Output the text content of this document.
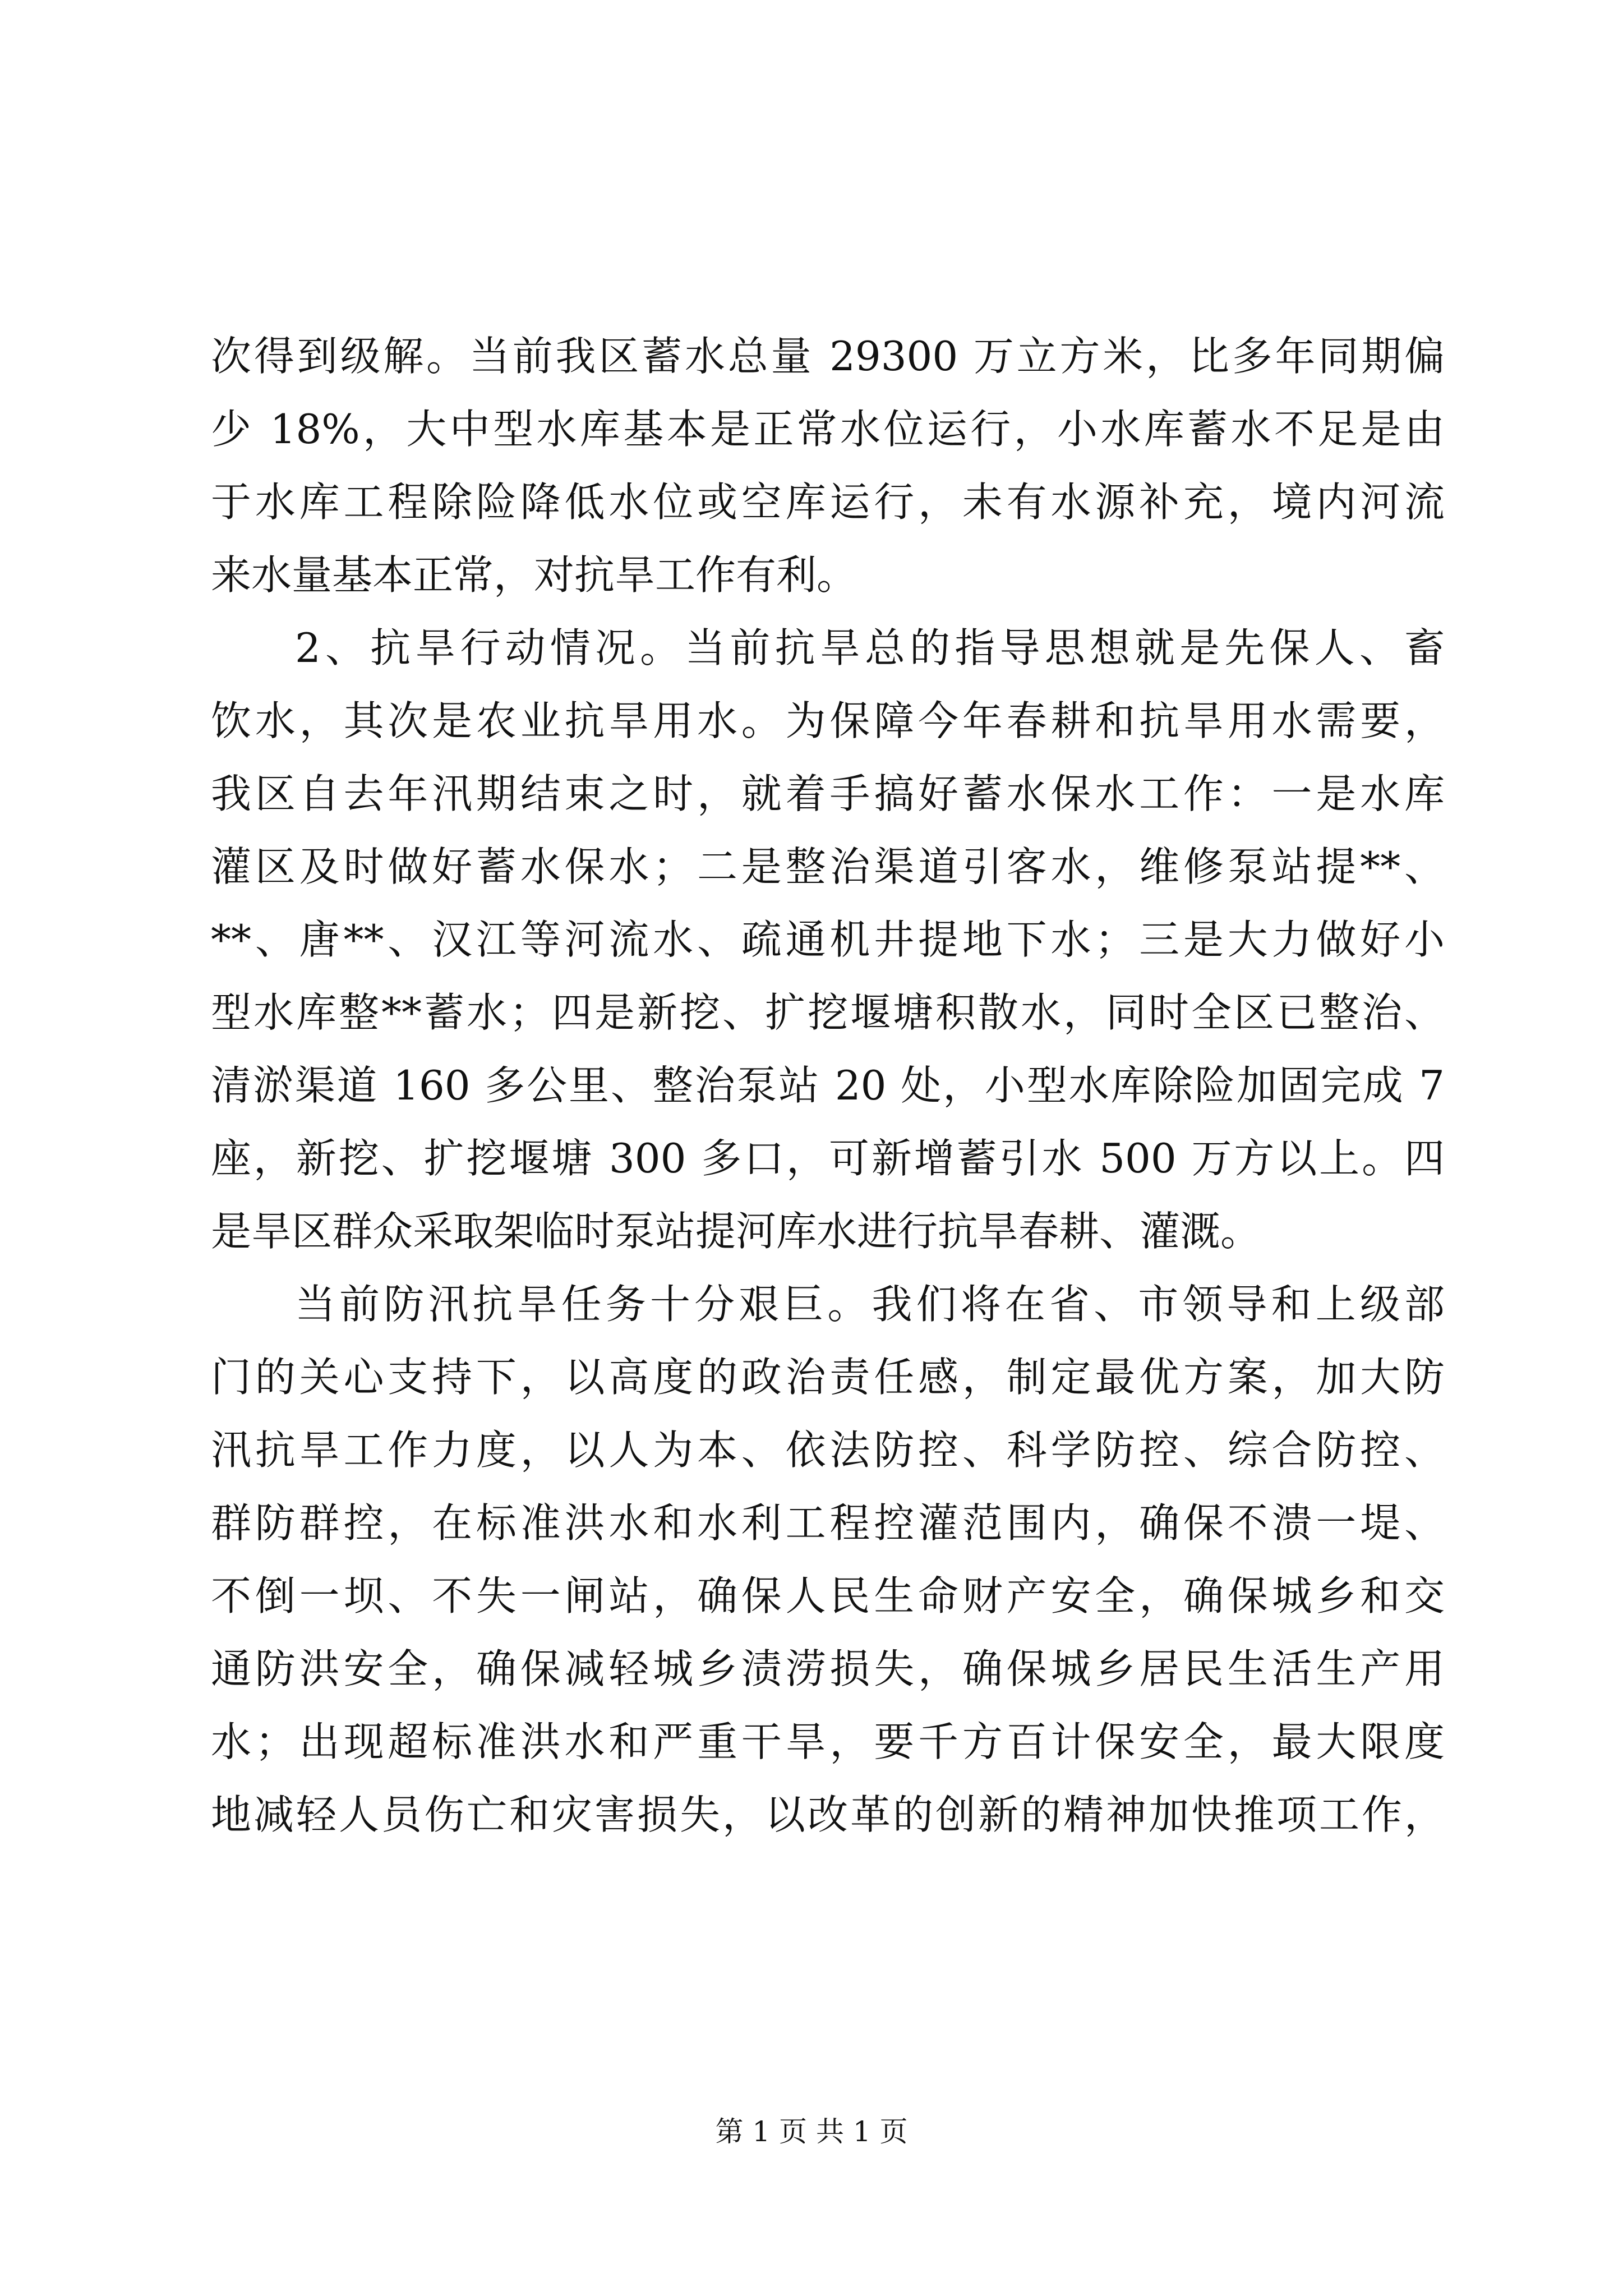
次得到级解。当前我区蓄水总量 29300 万立方米，比多年同期偏
少 18%，大中型水库基本是正常水位运行，小水库蓄水不足是由
于水库工程除险降低水位或空库运行，未有水源补充，境内河流
来水量基本正常，对抗旱工作有利。
2、抗旱行动情况。当前抗旱总的指导思想就是先保人、畜
饮水，其次是农业抗旱用水。为保障今年春耕和抗旱用水需要，
我区自去年汛期结束之时，就着手搞好蓄水保水工作：一是水库
灌区及时做好蓄水保水；二是整治渠道引客水，维修泵站提**、
**、唐**、汉江等河流水、疏通机井提地下水；三是大力做好小
型水库整**蓄水；四是新挖、扩挖堰塘积散水，同时全区已整治、
清淤渠道 160 多公里、整治泵站 20 处，小型水库除险加固完成 7
座，新挖、扩挖堰塘 300 多口，可新增蓄引水 500 万方以上。四
是旱区群众采取架临时泵站提河库水进行抗旱春耕、灌溉。
当前防汛抗旱任务十分艰巨。我们将在省、市领导和上级部
门的关心支持下，以高度的政治责任感，制定最优方案，加大防
汛抗旱工作力度，以人为本、依法防控、科学防控、综合防控、
群防群控，在标准洪水和水利工程控灌范围内，确保不溃一堤、
不倒一坝、不失一闸站，确保人民生命财产安全，确保城乡和交
通防洪安全，确保减轻城乡渍涝损失，确保城乡居民生活生产用
水；出现超标准洪水和严重干旱，要千方百计保安全，最大限度
地减轻人员伤亡和灾害损失，以改革的创新的精神加快推项工作，
第 1 页 共 1 页
